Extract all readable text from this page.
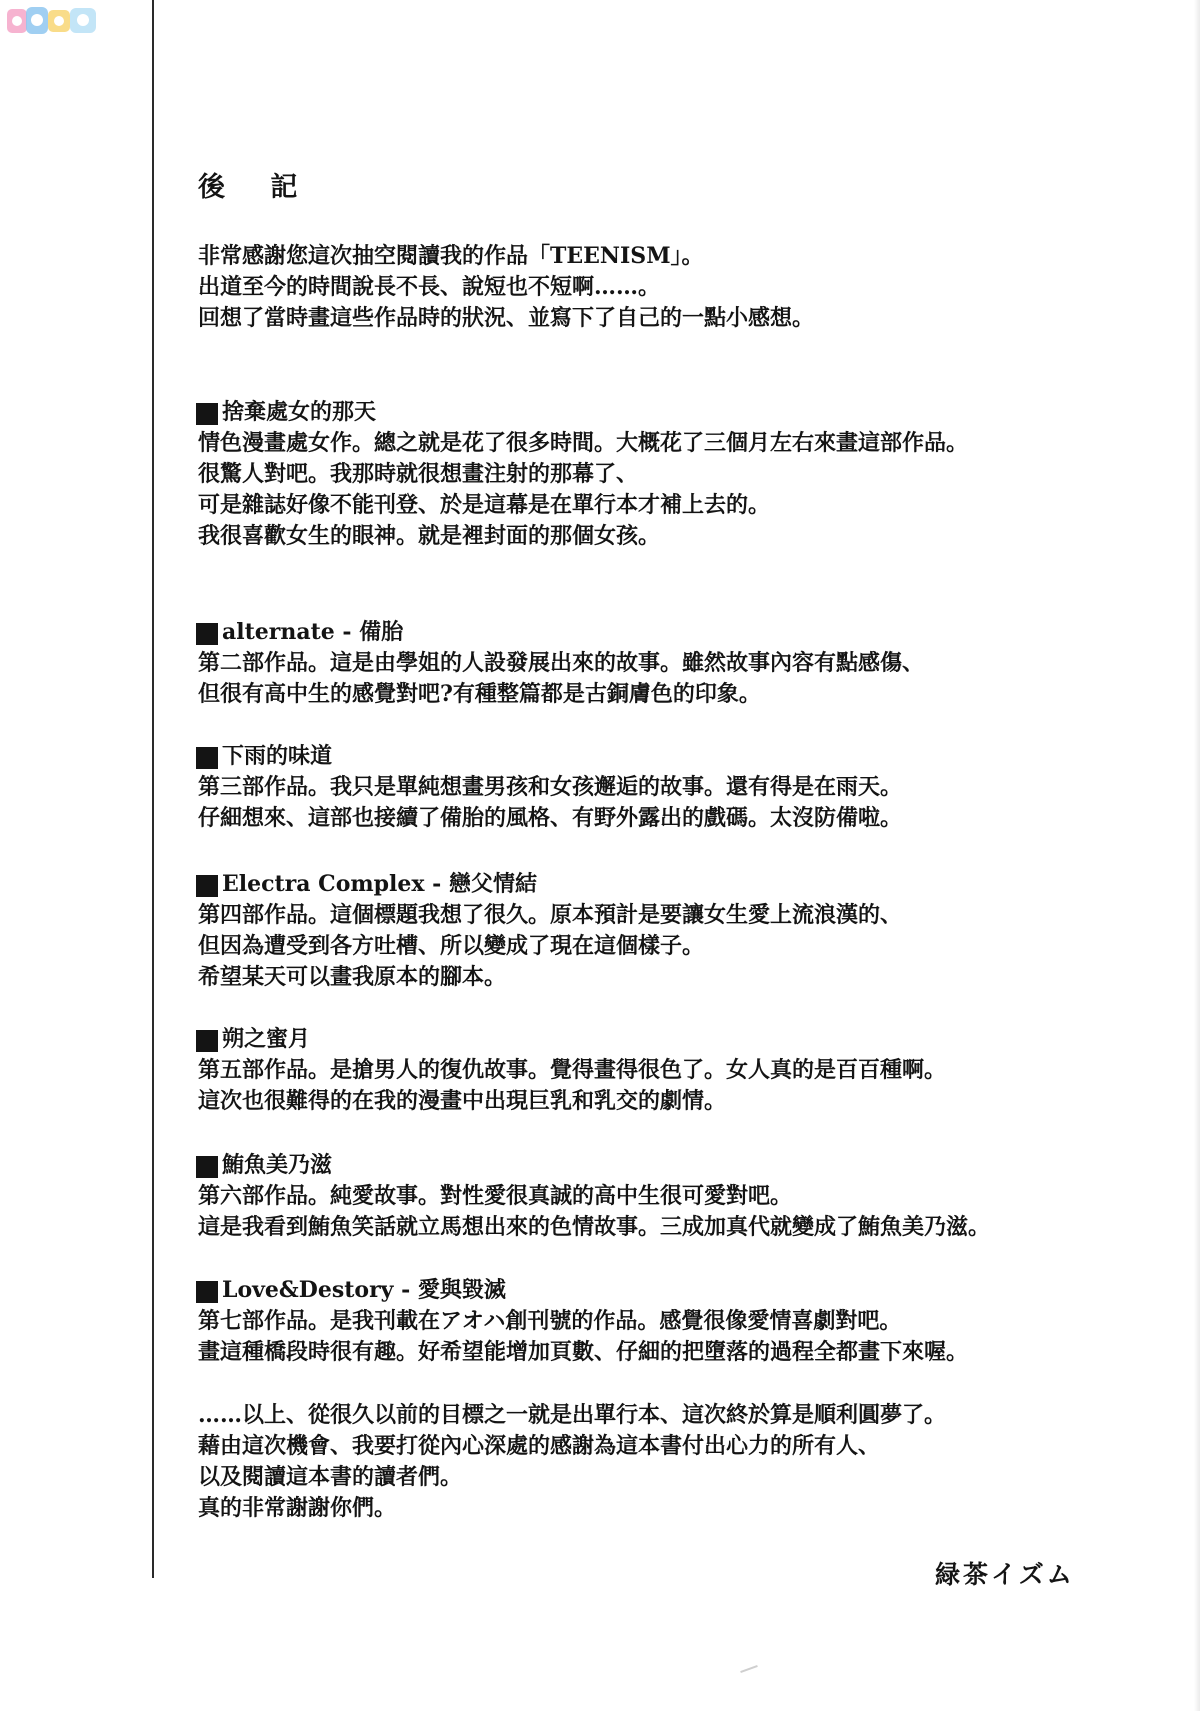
後 記
非常感謝您這次抽空閱讀我的作品「TEENISM」。
出道至今的時間說長不長、說短也不短啊……。
回想了當時畫這些作品時的狀況、並寫下了自己的一點小感想。
捨棄處女的那天
情色漫畫處女作。總之就是花了很多時間。大概花了三個月左右來畫這部作品。
很驚人對吧。我那時就很想畫注射的那幕了、
可是雜誌好像不能刊登、於是這幕是在單行本才補上去的。
我很喜歡女生的眼神。就是裡封面的那個女孩。
alternate - 備胎
第二部作品。這是由學姐的人設發展出來的故事。雖然故事內容有點感傷、
但很有高中生的感覺對吧?有種整篇都是古銅膚色的印象。
下雨的味道
第三部作品。我只是單純想畫男孩和女孩邂逅的故事。還有得是在雨天。
仔細想來、這部也接續了備胎的風格、有野外露出的戲碼。太沒防備啦。
Electra Complex - 戀父情結
第四部作品。這個標題我想了很久。原本預計是要讓女生愛上流浪漢的、
但因為遭受到各方吐槽、所以變成了現在這個樣子。
希望某天可以畫我原本的腳本。
朔之蜜月
第五部作品。是搶男人的復仇故事。覺得畫得很色了。女人真的是百百種啊。
這次也很難得的在我的漫畫中出現巨乳和乳交的劇情。
鮪魚美乃滋
第六部作品。純愛故事。對性愛很真誠的高中生很可愛對吧。
這是我看到鮪魚笑話就立馬想出來的色情故事。三成加真代就變成了鮪魚美乃滋。
Love&Destory - 愛與毀滅
第七部作品。是我刊載在アオハ創刊號的作品。感覺很像愛情喜劇對吧。
畫這種橋段時很有趣。好希望能增加頁數、仔細的把墮落的過程全都畫下來喔。
……以上、從很久以前的目標之一就是出單行本、這次終於算是順利圓夢了。
藉由這次機會、我要打從內心深處的感謝為這本書付出心力的所有人、
以及閱讀這本書的讀者們。
真的非常謝謝你們。
緑茶イズム
